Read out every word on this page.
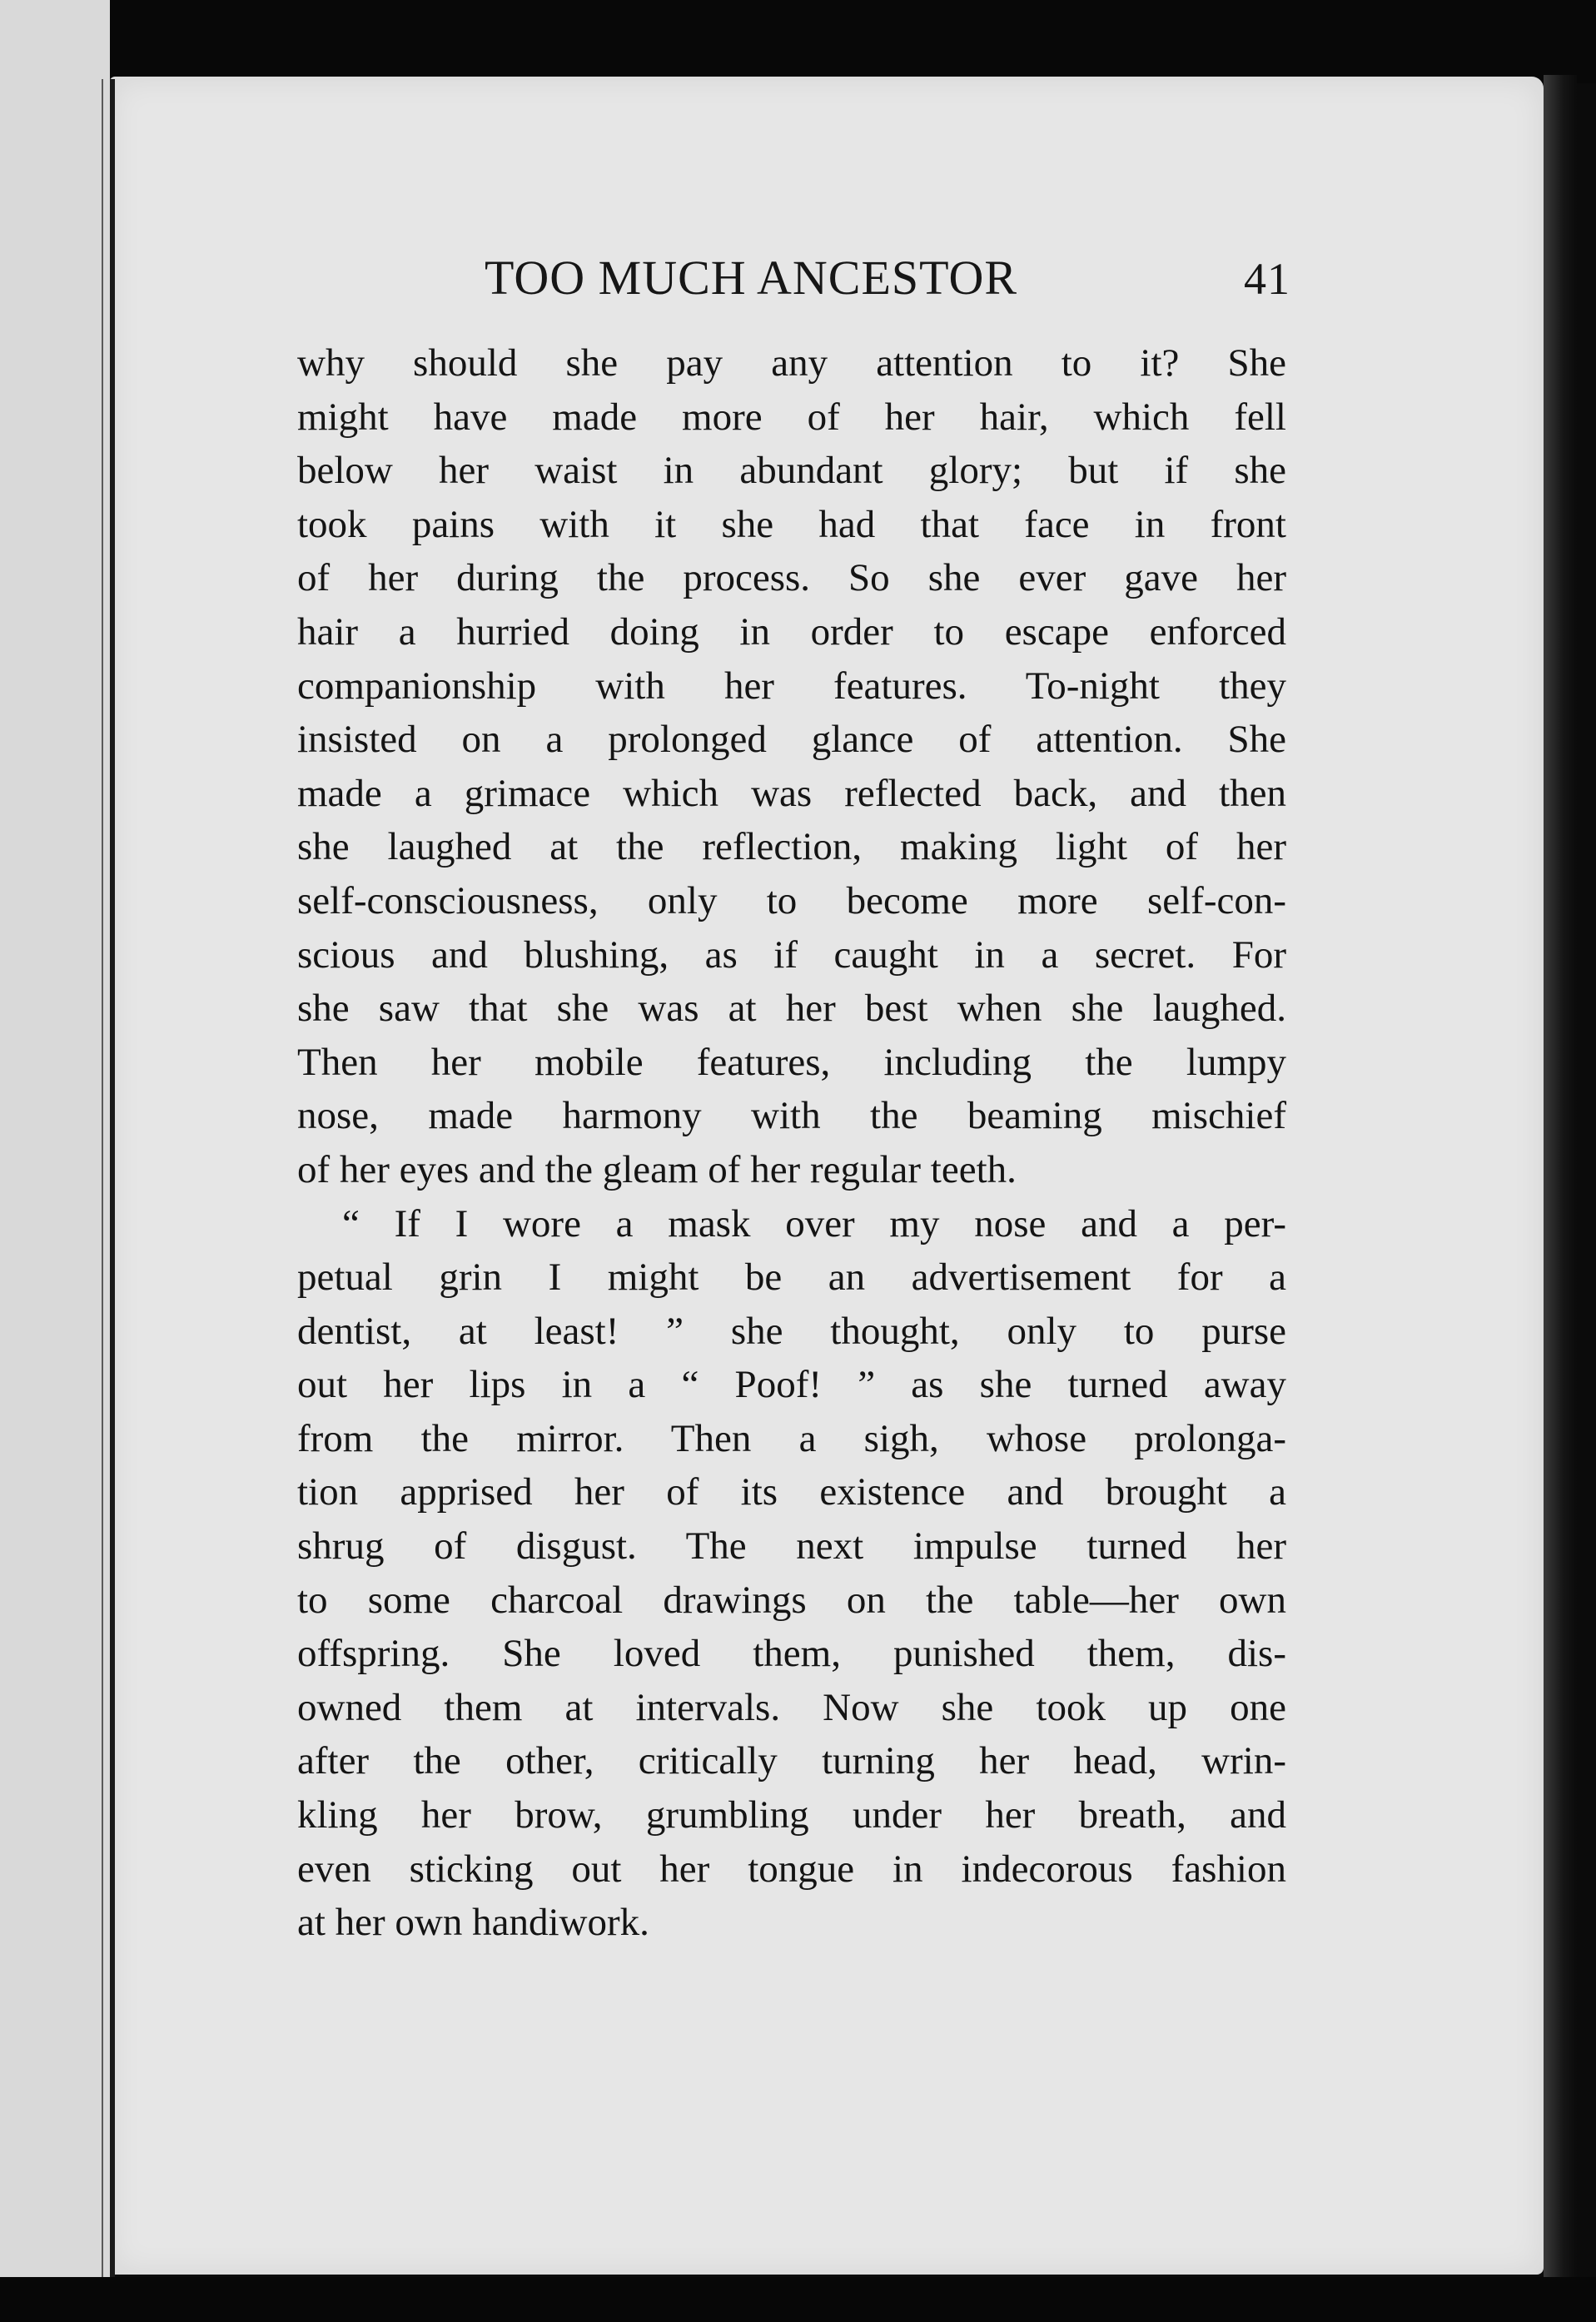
TOO MUCH ANCESTOR	41
why should she pay any attention to it? She
might have made more of her hair, which fell
below her waist in abundant glory; but if she
took pains with it she had that face in front
of her during the process. So she ever gave her
hair a hurried doing in order to escape enforced
companionship with her features. To-night they
insisted on a prolonged glance of attention. She
made a grimace which was reflected back, and then
she laughed at the reflection, making light of her
self-consciousness, only to become more self-con-
scious and blushing, as if caught in a secret. For
she saw that she was at her best when she laughed.
Then her mobile features, including the lumpy
nose, made harmony with the beaming mischief
of her eyes and the gleam of her regular teeth.
“ If I wore a mask over my nose and a per-
petual grin I might be an advertisement for a
dentist, at least! ” she thought, only to purse
out her lips in a “ Poof! ” as she turned away
from the mirror. Then a sigh, whose prolonga-
tion apprised her of its existence and brought a
shrug of disgust. The next impulse turned her
to some charcoal drawings on the table—her own
offspring. She loved them, punished them, dis-
owned them at intervals. Now she took up one
after the other, critically turning her head, wrin-
kling her brow, grumbling under her breath, and
even sticking out her tongue in indecorous fashion
at her own handiwork.
